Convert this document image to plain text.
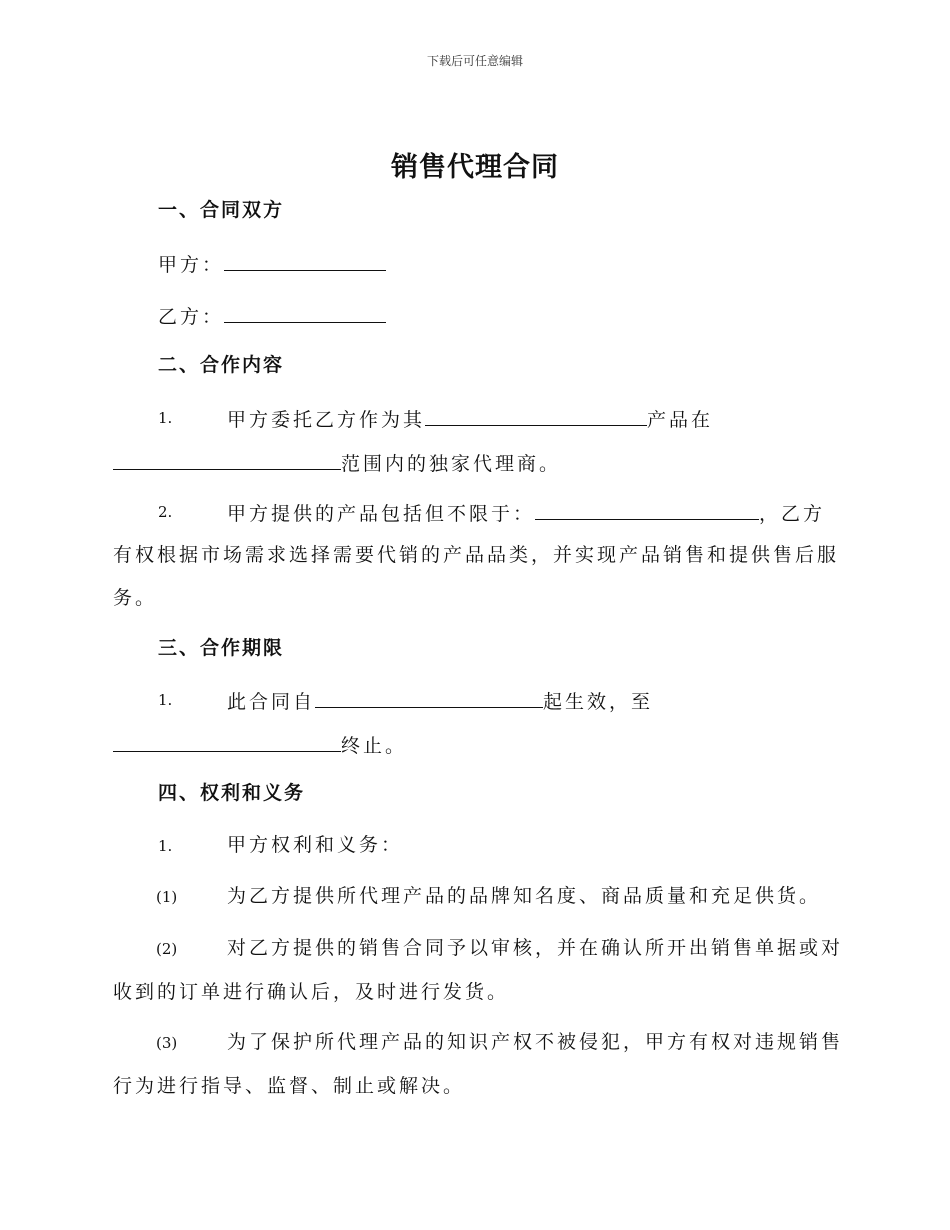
下载后可任意编辑
销售代理合同
一、合同双方
甲方：
乙方：
二、合作内容
1.	甲方委托乙方作为其	产品在
范围内的独家代理商。
2.	甲方提供的产品包括但不限于：	，乙方
有权根据市场需求选择需要代销的产品品类，并实现产品销售和提供售后服
务。
三、合作期限
1.	此合同自	起生效，至
终止。
四、权利和义务
1.	甲方权利和义务：
(1)	为乙方提供所代理产品的品牌知名度、商品质量和充足供货。
(2)	对乙方提供的销售合同予以审核，并在确认所开出销售单据或对
收到的订单进行确认后，及时进行发货。
(3)	为了保护所代理产品的知识产权不被侵犯，甲方有权对违规销售
行为进行指导、监督、制止或解决。
